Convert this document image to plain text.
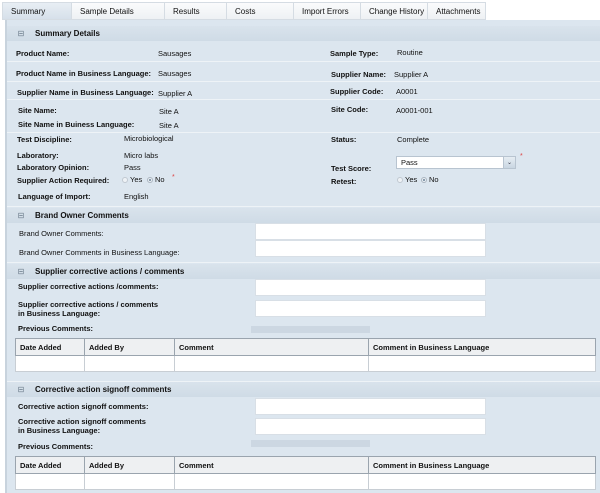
Summary	Sample Details	Results	Costs	Import Errors	Change History	Attachments
⊟ Summary Details
Product Name:	Sausages	Sample Type:	Routine
Product Name in Business Language: Sausages	Supplier Name: Supplier A
Supplier Name in Business Language: Supplier A	Supplier Code: A0001
Site Name:	Site A	Site Code:	A0001-001
Site Name in Buiness Language:	Site A
Test Discipline:	Microbiological	Status:	Complete
Laboratory:	Micro labs
Laboratory Opinion:	Pass	Test Score:
Pass	⌄
*
Supplier Action Required:	Yes No *	Retest:	Yes No
Language of Import:	English
⊟ Brand Owner Comments
Brand Owner Comments:
Brand Owner Comments in Business Language:
⊟ Supplier corrective actions / comments
Supplier corrective actions /comments:
Supplier corrective actions / comments
in Business Language:
Previous Comments:
Date Added	Added By	Comment	Comment in Business Language

⊟ Corrective action signoff comments
Corrective action signoff comments:
Corrective action signoff comments
in Business Language:
Previous Comments:
Date Added	Added By	Comment	Comment in Business Language
